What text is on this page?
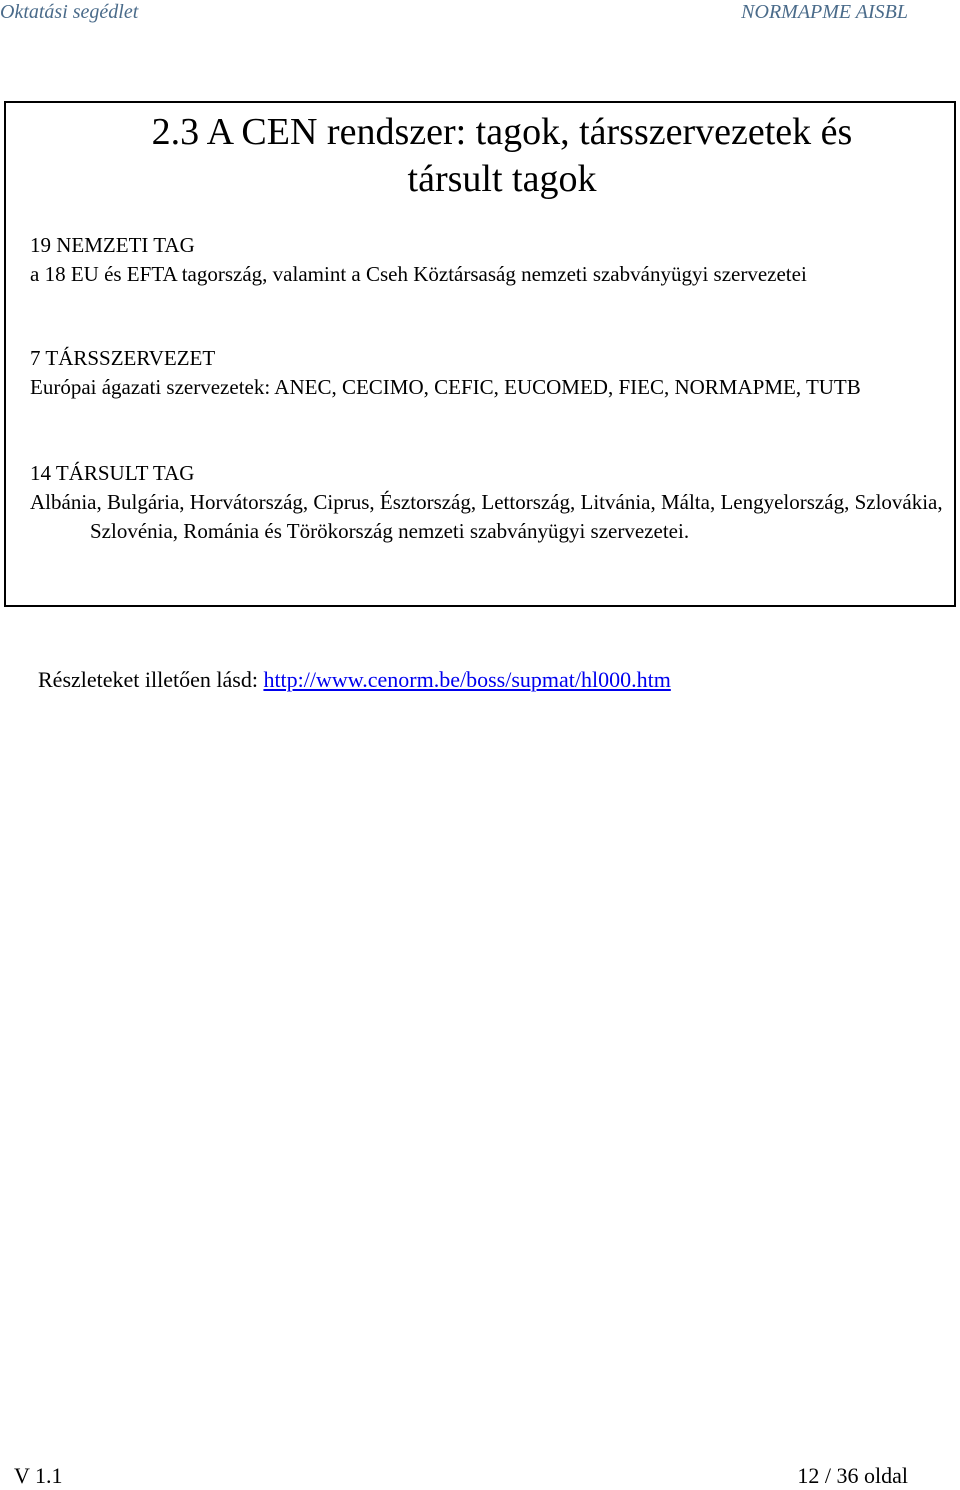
Oktatási segédlet	NORMAPME AISBL
2.3 A CEN rendszer: tagok, társszervezetek és
társult tagok
19 NEMZETI TAG
a 18 EU és EFTA tagország, valamint a Cseh Köztársaság nemzeti szabványügyi szervezetei
7 TÁRSSZERVEZET
Európai ágazati szervezetek: ANEC, CECIMO, CEFIC, EUCOMED, FIEC, NORMAPME, TUTB
14 TÁRSULT TAG
Albánia, Bulgária, Horvátország, Ciprus, Észtország, Lettország, Litvánia, Málta, Lengyelország, Szlovákia, Szlovénia, Románia és Törökország nemzeti szabványügyi szervezetei.
Részleteket illetően lásd: http://www.cenorm.be/boss/supmat/hl000.htm
V 1.1	12 / 36 oldal
